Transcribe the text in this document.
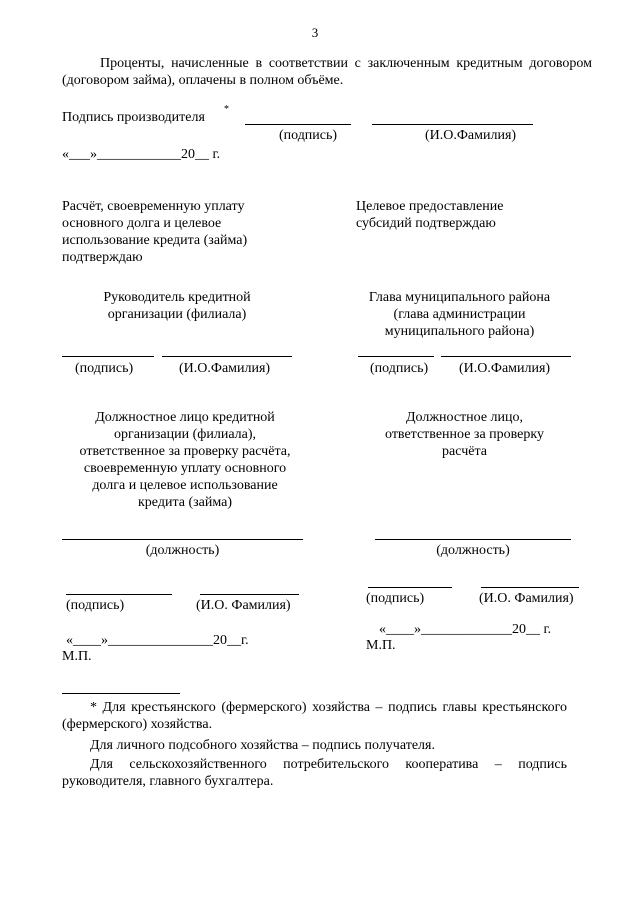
3
Проценты, начисленные в соответствии с заключенным кредитным договором (договором займа), оплачены в полном объёме.
Подпись производителя
*
(подпись)	(И.О.Фамилия)
«___»____________20__ г.
Расчёт, своевременную уплату основного долга и целевое использование кредита (займа) подтверждаю
Целевое предоставление субсидий подтверждаю
Руководитель кредитной организации (филиала)
(подпись)	(И.О.Фамилия)
Глава муниципального района (глава администрации муниципального района)
(подпись) (И.О.Фамилия)
Должностное лицо кредитной организации (филиала), ответственное за проверку расчёта, своевременную уплату основного долга и целевое использование кредита (займа)
(должность)
(подпись)	(И.О. Фамилия)
«____»_______________20__г.
М.П.
Должностное лицо, ответственное за проверку расчёта
(должность)
(подпись)	(И.О. Фамилия)
«____»_____________20__ г.
М.П.
* Для крестьянского (фермерского) хозяйства – подпись главы крестьянского (фермерского) хозяйства.
Для личного подсобного хозяйства – подпись получателя.
Для сельскохозяйственного потребительского кооператива – подпись руководителя, главного бухгалтера.
